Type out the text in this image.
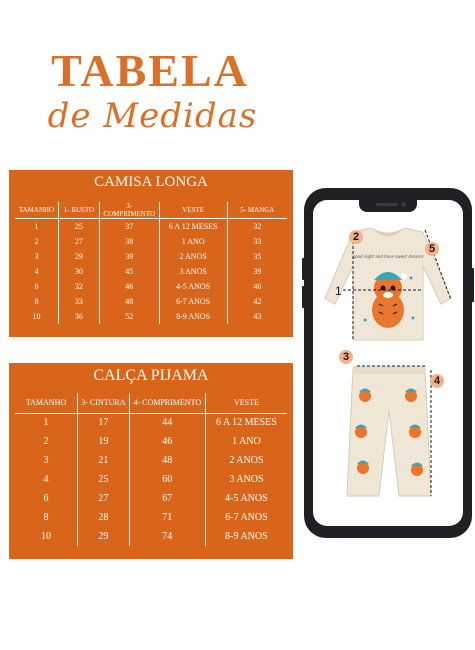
TABELA
de Medidas
CAMISA LONGA
TAMANHO	1- BUSTO	3- COMPRIMENTO	VESTE	5- MANGA
1	25	37	6 A 12 MESES	32
2	27	38	1 ANO	33
3	29	39	2 ANOS	35
4	30	45	3 ANOS	39
6	32	46	4-5 ANOS	40
8	33	48	6-7 ANOS	42
10	36	52	8-9 ANOS	43
CALÇA PIJAMA
TAMANHO	3- CINTURA	4- COMPRIMENTO	VESTE
1	17	44	6 A 12 MESES
2	19	46	1 ANO
3	21	48	2 ANOS
4	25	60	3 ANOS
6	27	67	4-5 ANOS
8	28	71	6-7 ANOS
10	29	74	8-9 ANOS
good night and have sweet dreams
2
1
5
3
4
